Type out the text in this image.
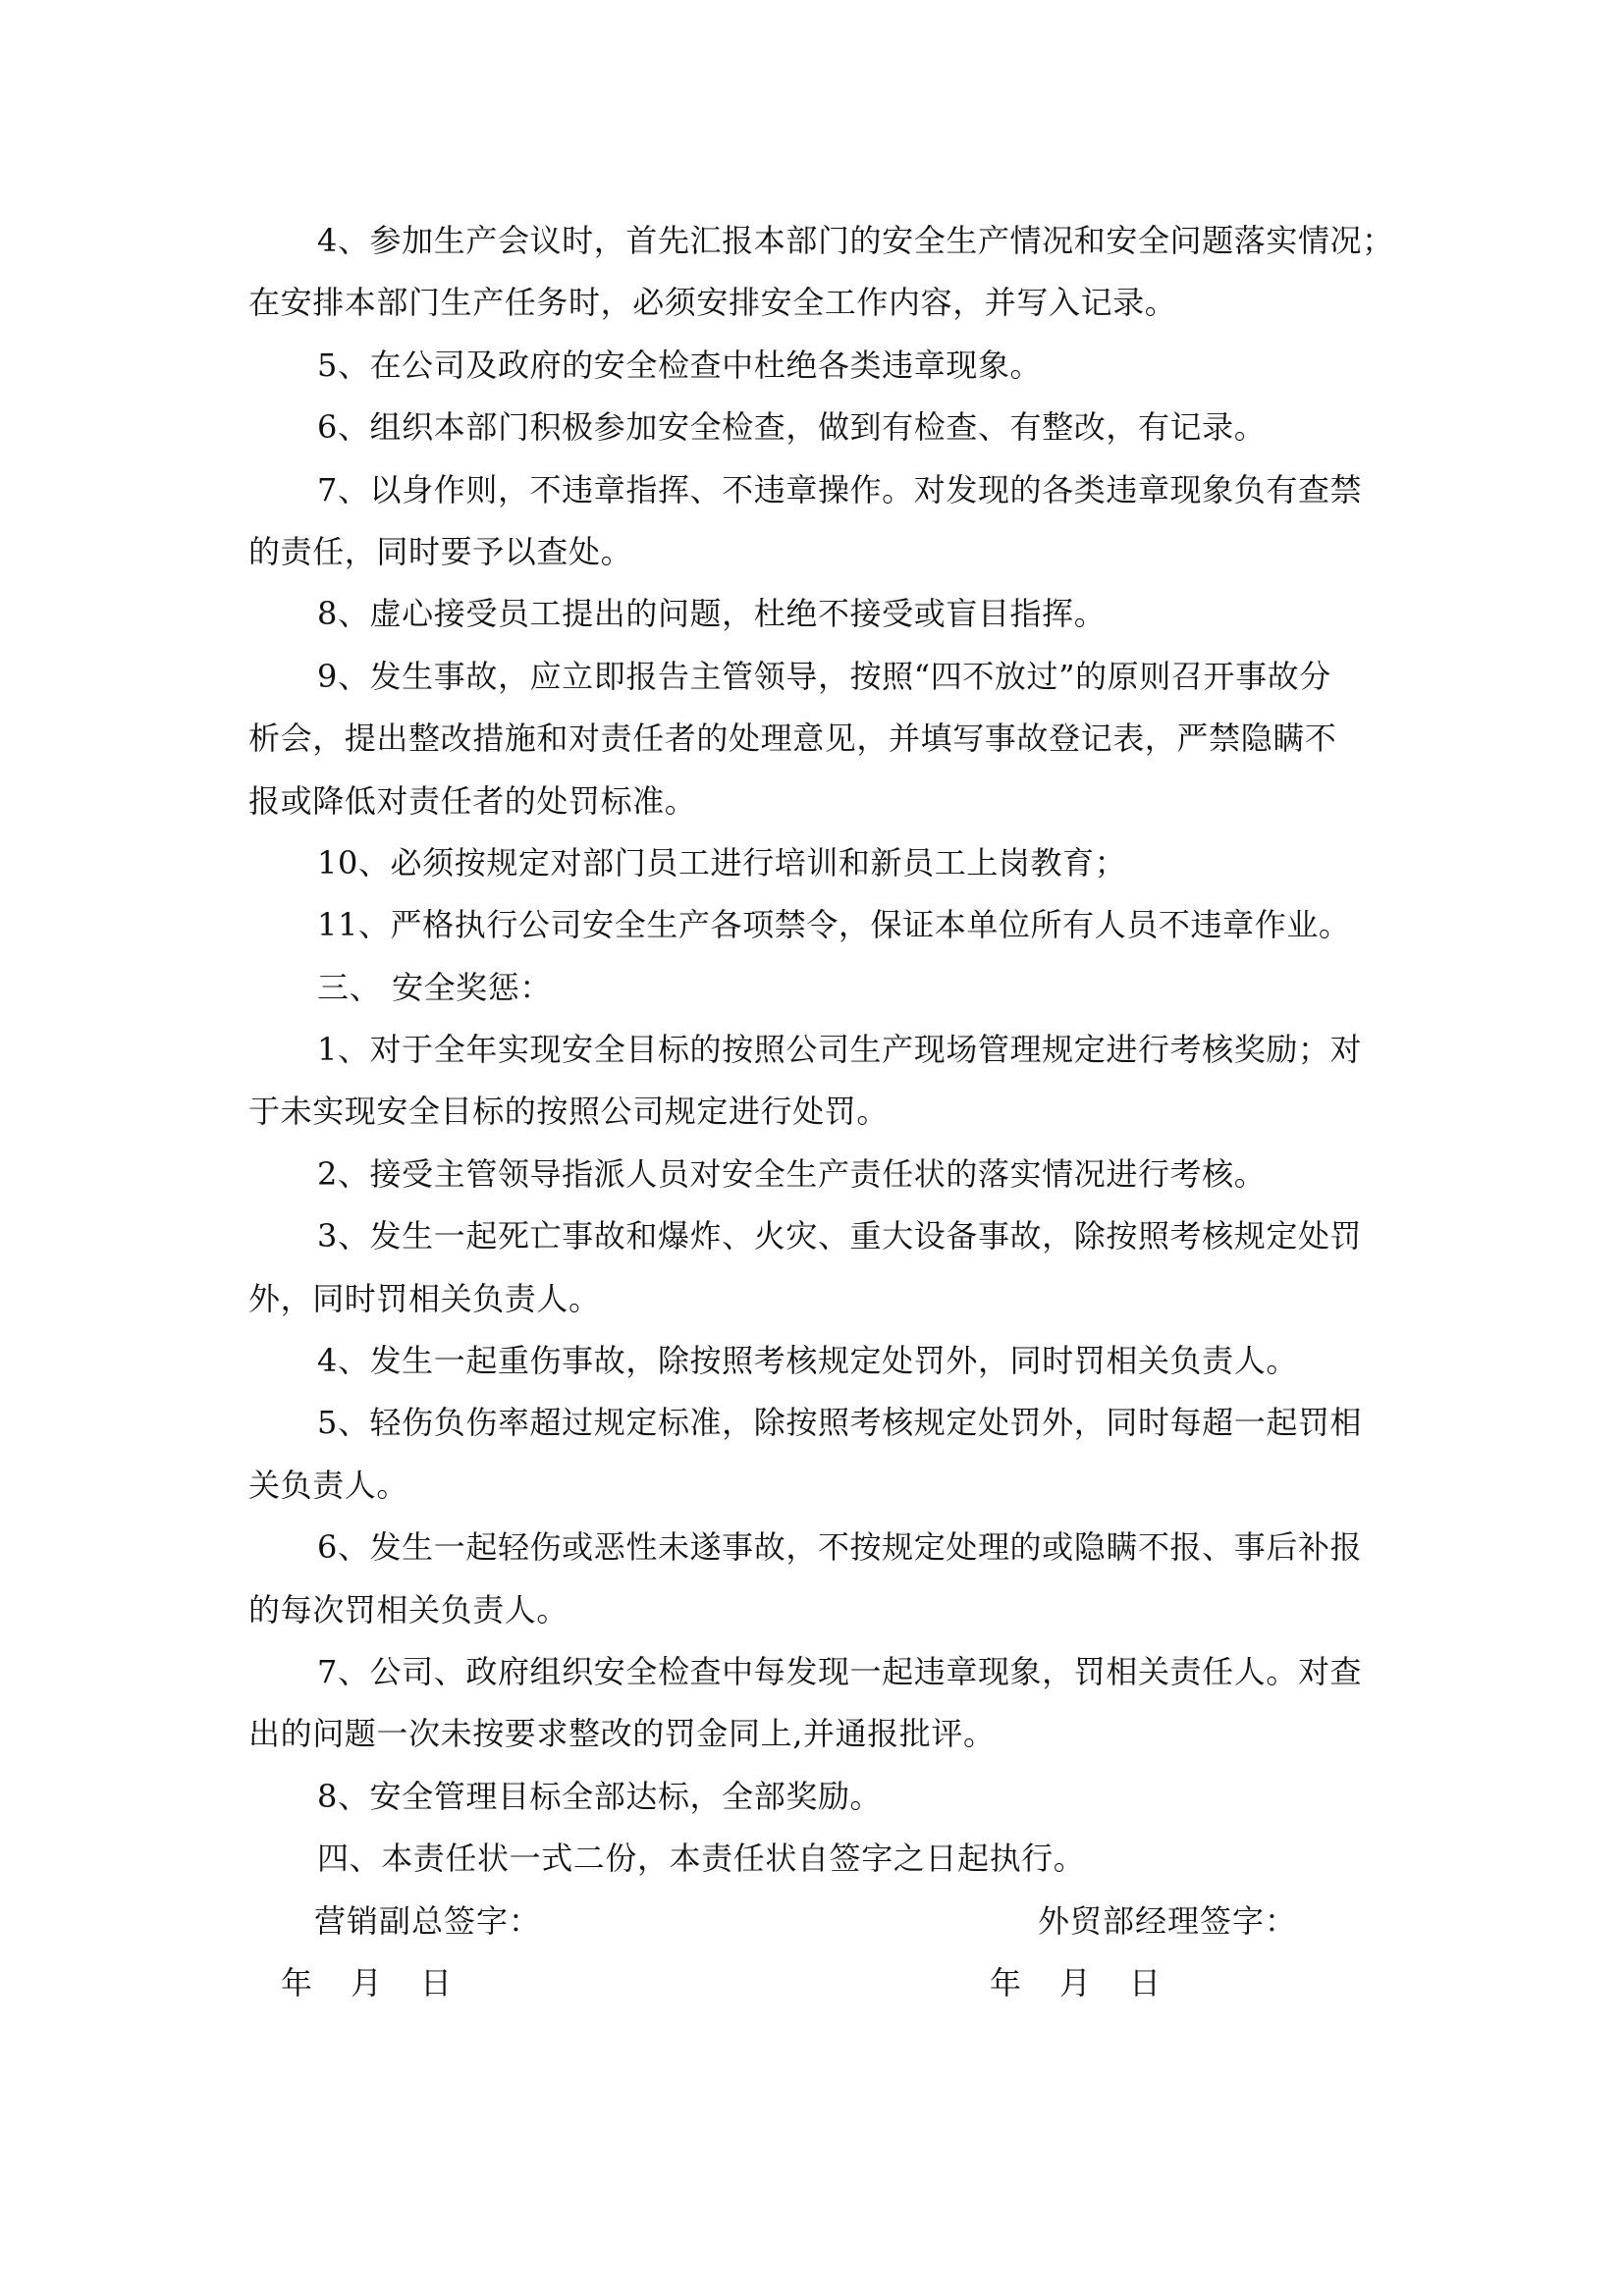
4、参加生产会议时，首先汇报本部门的安全生产情况和安全问题落实情况；
在安排本部门生产任务时，必须安排安全工作内容，并写入记录。
5、在公司及政府的安全检查中杜绝各类违章现象。
6、组织本部门积极参加安全检查，做到有检查、有整改，有记录。
7、以身作则，不违章指挥、不违章操作。对发现的各类违章现象负有查禁
的责任，同时要予以查处。
8、虚心接受员工提出的问题，杜绝不接受或盲目指挥。
9、发生事故，应立即报告主管领导，按照“四不放过”的原则召开事故分
析会，提出整改措施和对责任者的处理意见，并填写事故登记表，严禁隐瞒不
报或降低对责任者的处罚标准。
10、必须按规定对部门员工进行培训和新员工上岗教育；
11、严格执行公司安全生产各项禁令，保证本单位所有人员不违章作业。
三、 安全奖惩：
1、对于全年实现安全目标的按照公司生产现场管理规定进行考核奖励；对
于未实现安全目标的按照公司规定进行处罚。
2、接受主管领导指派人员对安全生产责任状的落实情况进行考核。
3、发生一起死亡事故和爆炸、火灾、重大设备事故，除按照考核规定处罚
外，同时罚相关负责人。
4、发生一起重伤事故，除按照考核规定处罚外，同时罚相关负责人。
5、轻伤负伤率超过规定标准，除按照考核规定处罚外，同时每超一起罚相
关负责人。
6、发生一起轻伤或恶性未遂事故，不按规定处理的或隐瞒不报、事后补报
的每次罚相关负责人。
7、公司、政府组织安全检查中每发现一起违章现象，罚相关责任人。对查
出的问题一次未按要求整改的罚金同上,并通报批评。
8、安全管理目标全部达标，全部奖励。
四、本责任状一式二份，本责任状自签字之日起执行。
营销副总签字：	外贸部经理签字：
年 月 日	年 月 日
